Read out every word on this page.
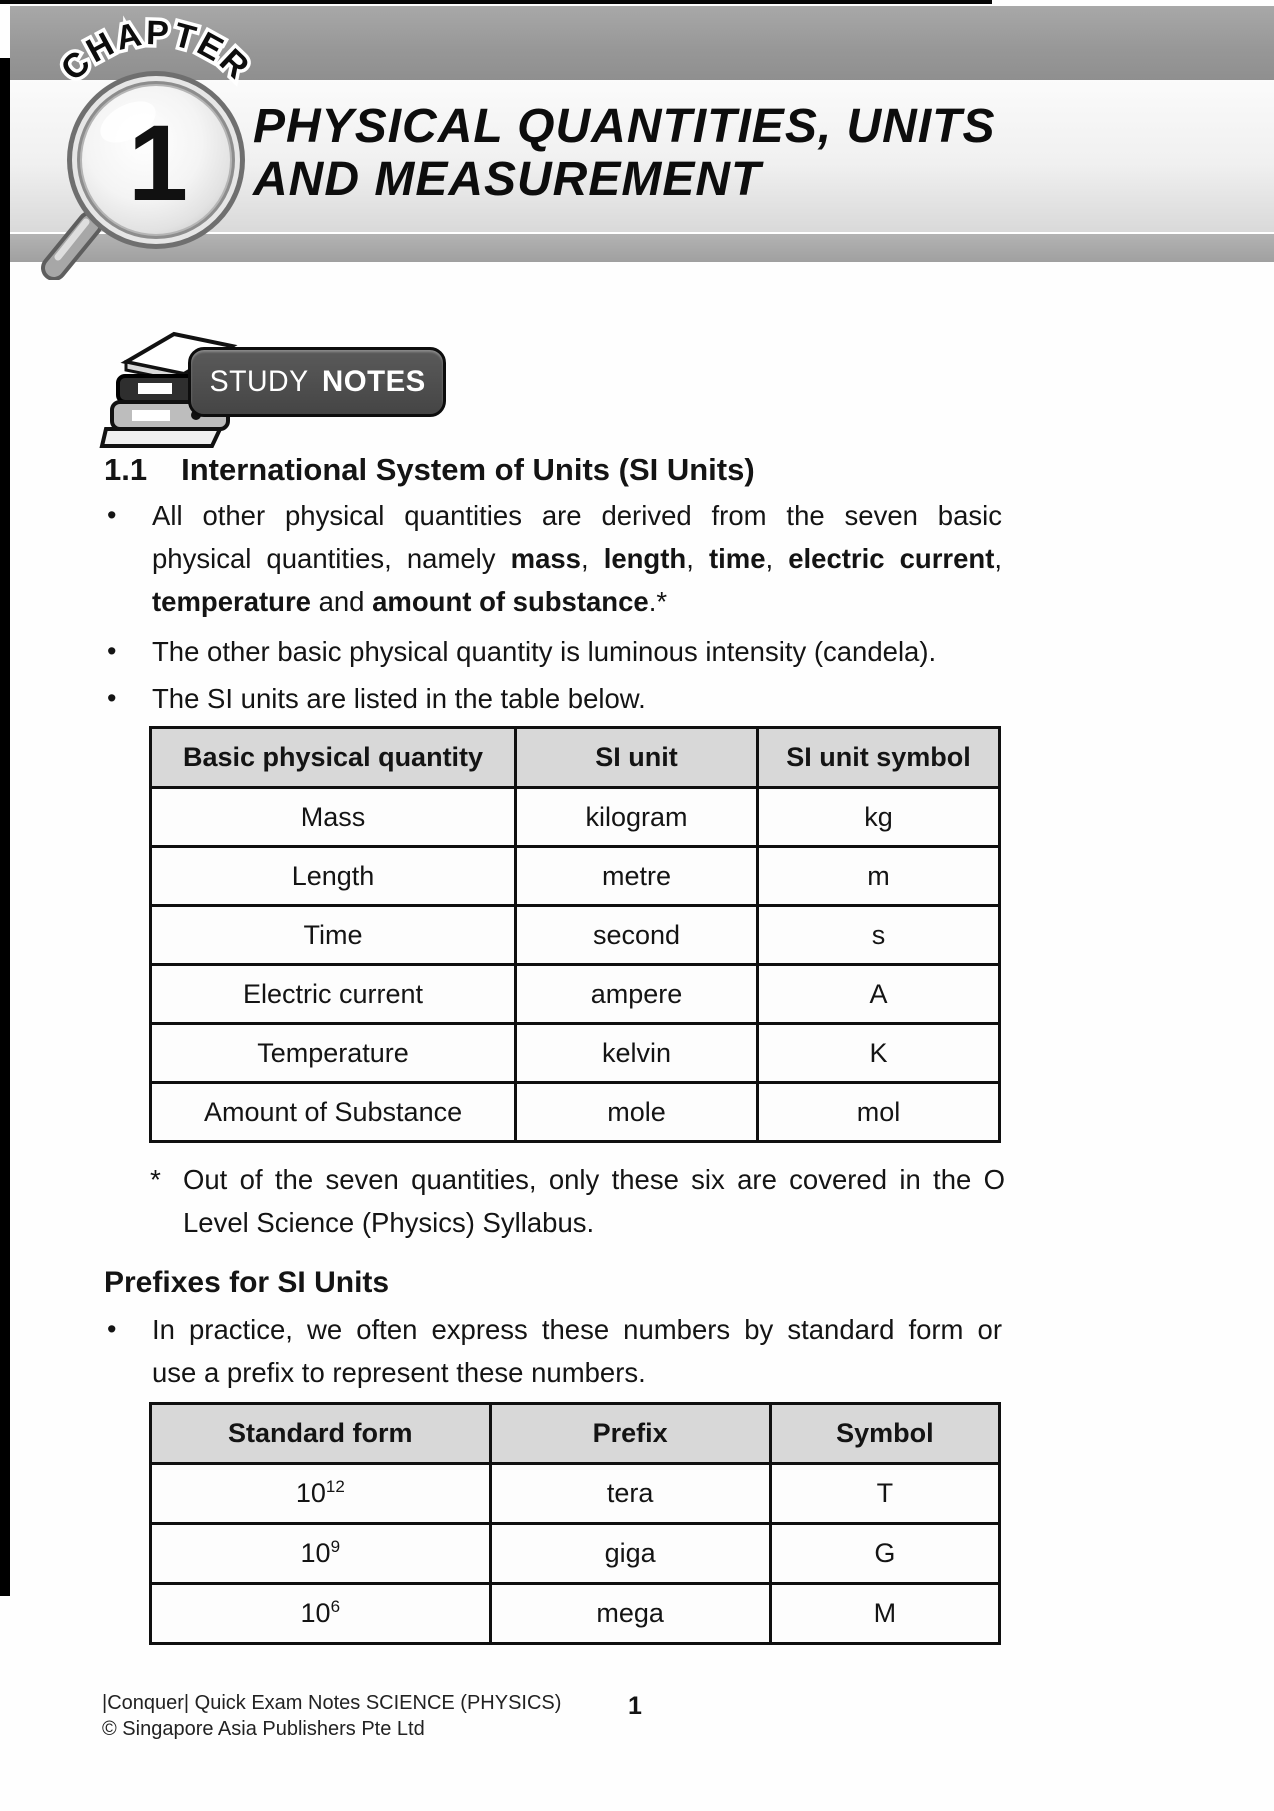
PHYSICAL QUANTITIES, UNITS
AND MEASUREMENT
1
CHAPTER
STUDY NOTES
1.1 International System of Units (SI Units)
•	All other physical quantities are derived from the seven basic
physical quantities, namely mass, length, time, electric current,
temperature and amount of substance.*
•	The other basic physical quantity is luminous intensity (candela).
•	The SI units are listed in the table below.
Basic physical quantity	SI unit	SI unit symbol
Mass	kilogram	kg
Length	metre	m
Time	second	s
Electric current	ampere	A
Temperature	kelvin	K
Amount of Substance	mole	mol
* Out of the seven quantities, only these six are covered in the O
Level Science (Physics) Syllabus.
Prefixes for SI Units
•	In practice, we often express these numbers by standard form or
use a prefix to represent these numbers.
Standard form	Prefix	Symbol
$10^{12}$	tera	T
$10^9$	giga	G
$10^6$	mega	M
|Conquer| Quick Exam Notes SCIENCE (PHYSICS)
© Singapore Asia Publishers Pte Ltd
1
